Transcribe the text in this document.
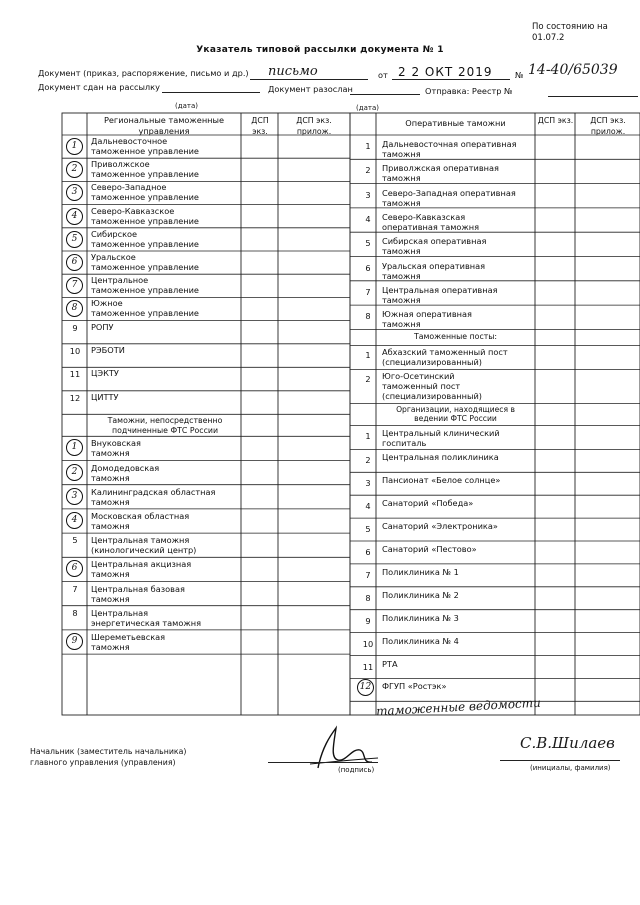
По состоянию на 01.07.2
Указатель типовой рассылки документа № 1
Документ (приказ, распоряжение, письмо и др.) письмо	от 2 2 ОКТ 2019	№ 14-40/65039
Документ сдан на рассылку
(дата)
Документ разослан
(дата)
Отправка: Реестр №
Региональные таможенные управления
ДСП экз.
ДСП экз. прилож.
Оперативные таможни	ДСП экз.	ДСП экз. прилож.
1	Дальневосточное
таможенное управление
2	Приволжское
таможенное управление
3	Северо-Западное
таможенное управление
4	Северо-Кавказское
таможенное управление
5	Сибирское
таможенное управление
6	Уральское
таможенное управление
7	Центральное
таможенное управление
8	Южное
таможенное управление
9	РОПУ
10	РЭБОТИ
11	ЦЭКТУ
12	ЦИТТУ
Таможни, непосредственно
подчиненные ФТС России
1	Внуковская
таможня
2	Домодедовская
таможня
3	Калининградская областная
таможня
4	Московская областная
таможня
5	Центральная таможня
(кинологический центр)
6	Центральная акцизная
таможня
7	Центральная базовая
таможня
8	Центральная
энергетическая таможня
9	Шереметьевская
таможня
1	Дальневосточная оперативная
таможня
2	Приволжская оперативная
таможня
3	Северо-Западная оперативная
таможня
4	Северо-Кавказская
оперативная таможня
5	Сибирская оперативная
таможня
6	Уральская оперативная
таможня
7	Центральная оперативная
таможня
8	Южная оперативная
таможня
Таможенные посты:
1	Абхазский таможенный пост
(специализированный)
2	Юго-Осетинский
таможенный пост
(специализированный)
Организации, находящиеся в
ведении ФТС России
1	Центральный клинический
госпиталь
2	Центральная поликлиника
3	Пансионат «Белое солнце»
4	Санаторий «Победа»
5	Санаторий «Электроника»
6	Санаторий «Пестово»
7	Поликлиника № 1
8	Поликлиника № 2
9	Поликлиника № 3
10	Поликлиника № 4
11	РТА
12	ФГУП «Ростэк»
таможенные ведомости
Начальник (заместитель начальника)
главного управления (управления)
(подпись)
С.В.Шилаев
(инициалы, фамилия)
